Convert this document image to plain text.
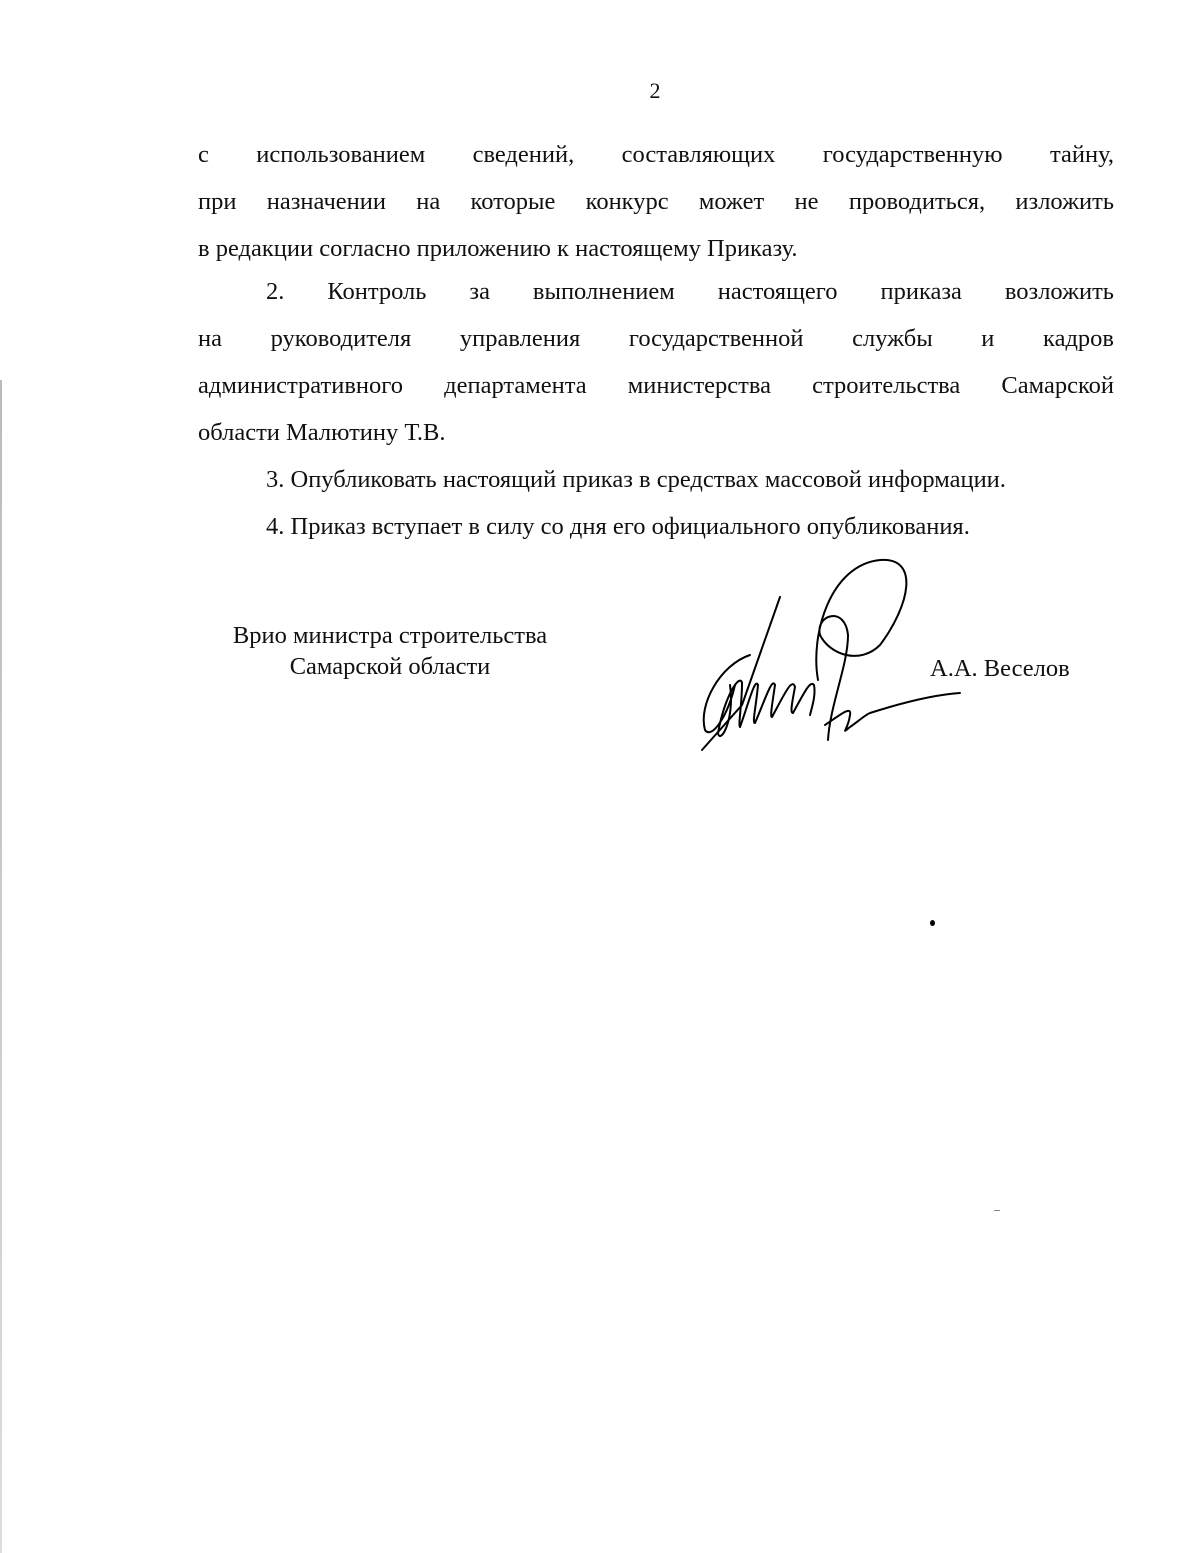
2
с использованием сведений, составляющих государственную тайну,
при назначении на которые конкурс может не проводиться, изложить
в редакции согласно приложению к настоящему Приказу.
2. Контроль за выполнением настоящего приказа возложить
на руководителя управления государственной службы и кадров
административного департамента министерства строительства Самарской
области Малютину Т.В.

3. Опубликовать настоящий приказ в средствах массовой информации.

4. Приказ вступает в силу со дня его официального опубликования.

Врио министра строительства
Самарской области	А.А. Веселов
